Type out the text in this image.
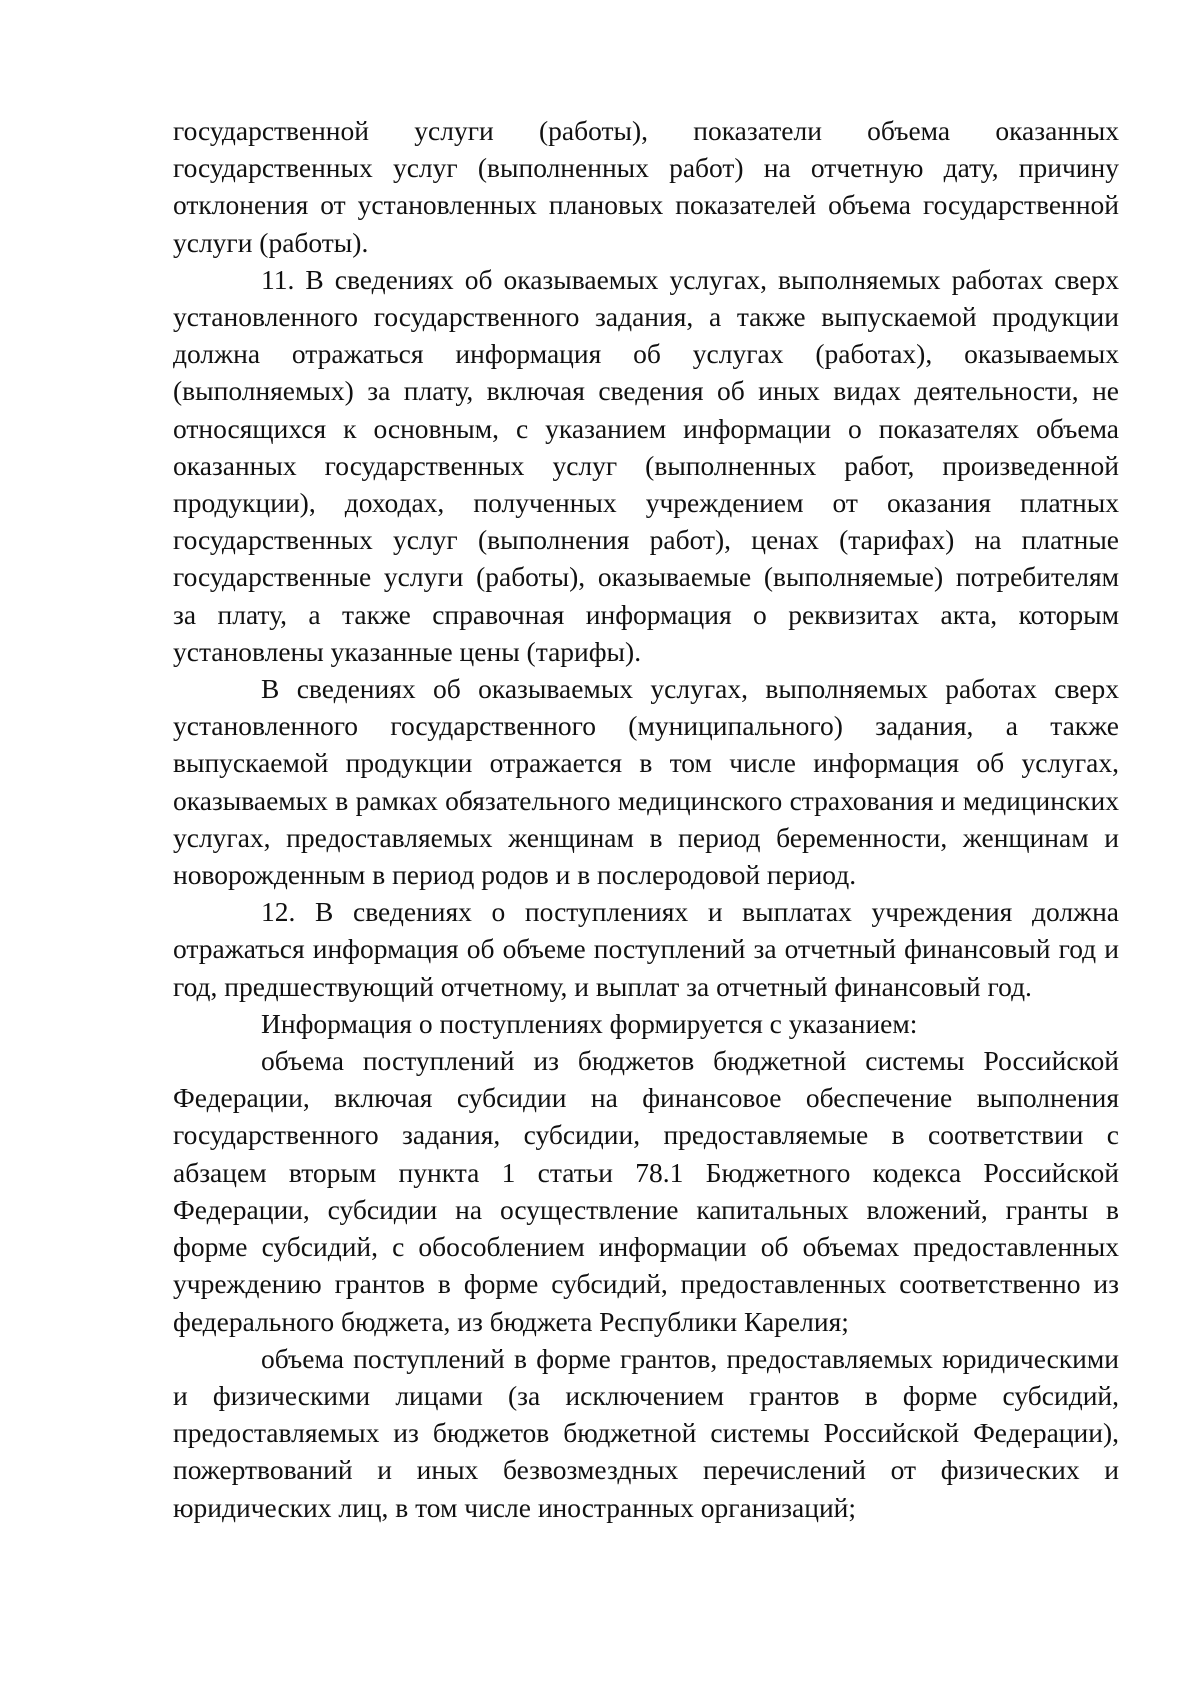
государственной услуги (работы), показатели объема оказанных государственных услуг (выполненных работ) на отчетную дату, причину отклонения от установленных плановых показателей объема государственной услуги (работы).

11. В сведениях об оказываемых услугах, выполняемых работах сверх установленного государственного задания, а также выпускаемой продукции должна отражаться информация об услугах (работах), оказываемых (выполняемых) за плату, включая сведения об иных видах деятельности, не относящихся к основным, с указанием информации о показателях объема оказанных государственных услуг (выполненных работ, произведенной продукции), доходах, полученных учреждением от оказания платных государственных услуг (выполнения работ), ценах (тарифах) на платные государственные услуги (работы), оказываемые (выполняемые) потребителям за плату, а также справочная информация о реквизитах акта, которым установлены указанные цены (тарифы).

В сведениях об оказываемых услугах, выполняемых работах сверх установленного государственного (муниципального) задания, а также выпускаемой продукции отражается в том числе информация об услугах, оказываемых в рамках обязательного медицинского страхования и медицинских услугах, предоставляемых женщинам в период беременности, женщинам и новорожденным в период родов и в послеродовой период.

12. В сведениях о поступлениях и выплатах учреждения должна отражаться информация об объеме поступлений за отчетный финансовый год и год, предшествующий отчетному, и выплат за отчетный финансовый год.

Информация о поступлениях формируется с указанием:

объема поступлений из бюджетов бюджетной системы Российской Федерации, включая субсидии на финансовое обеспечение выполнения государственного задания, субсидии, предоставляемые в соответствии с абзацем вторым пункта 1 статьи 78.1 Бюджетного кодекса Российской Федерации, субсидии на осуществление капитальных вложений, гранты в форме субсидий, с обособлением информации об объемах предоставленных учреждению грантов в форме субсидий, предоставленных соответственно из федерального бюджета, из бюджета Республики Карелия;

объема поступлений в форме грантов, предоставляемых юридическими и физическими лицами (за исключением грантов в форме субсидий, предоставляемых из бюджетов бюджетной системы Российской Федерации), пожертвований и иных безвозмездных перечислений от физических и юридических лиц, в том числе иностранных организаций;
